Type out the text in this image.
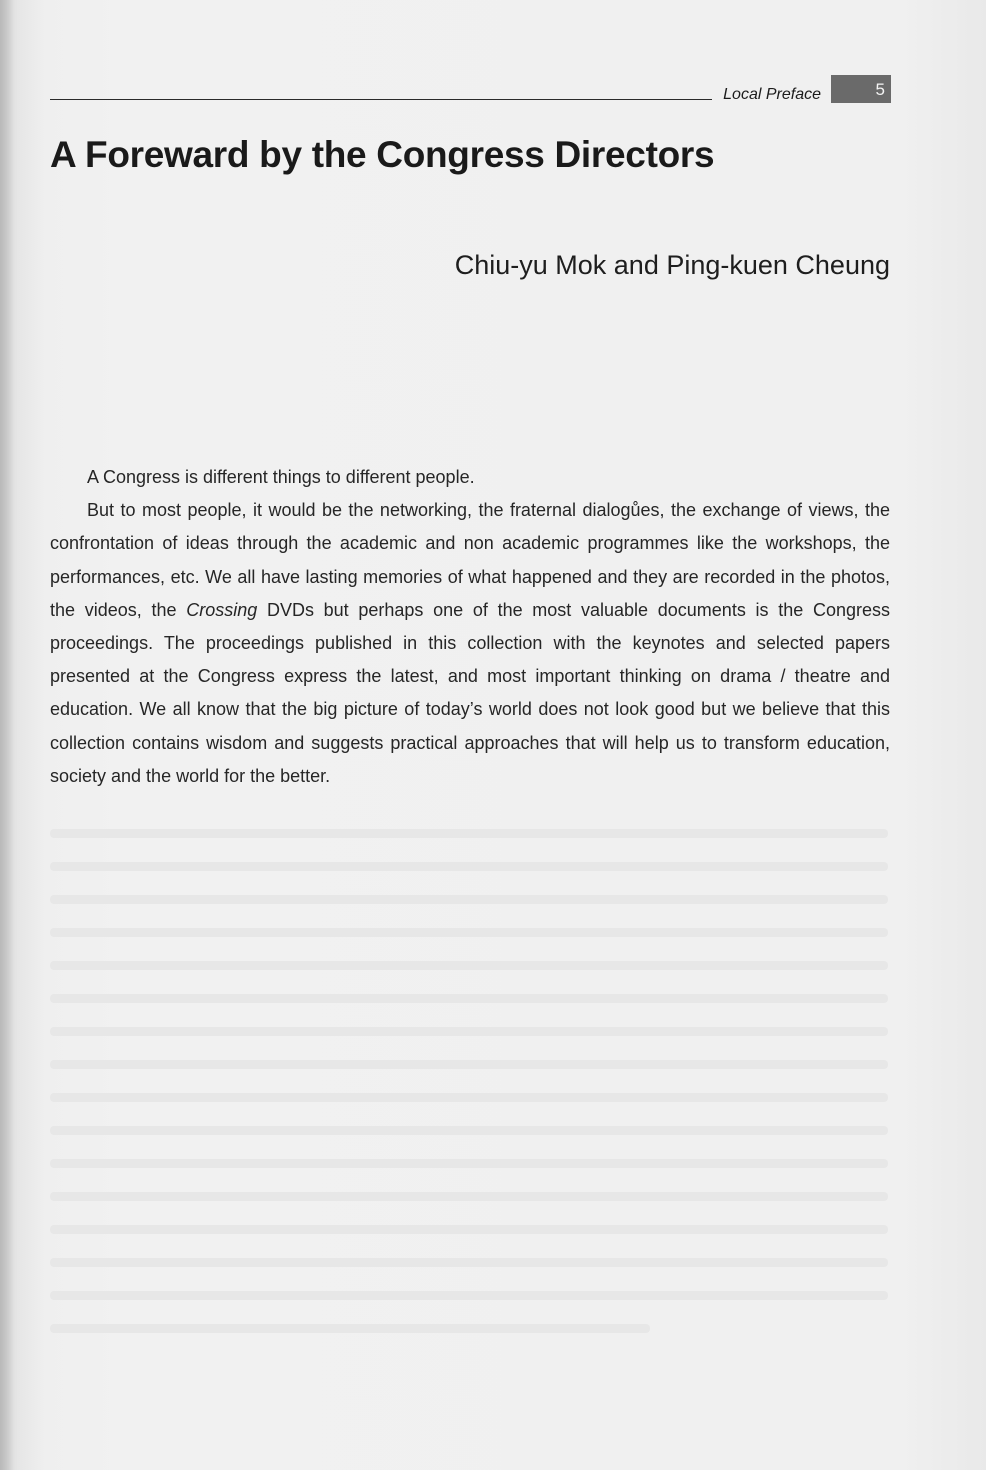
Local Preface	5
A Foreward by the Congress Directors
Chiu-yu Mok and Ping-kuen Cheung

A Congress is different things to different people.

But to most people, it would be the networking, the fraternal dialogůes, the exchange of views, the confrontation of ideas through the academic and non academic programmes like the workshops, the performances, etc. We all have lasting memories of what happened and they are recorded in the photos, the videos, the Crossing DVDs but perhaps one of the most valuable documents is the Congress proceedings. The proceedings published in this collection with the keynotes and selected papers presented at the Congress express the latest, and most important thinking on drama / theatre and education. We all know that the big picture of today’s world does not look good but we believe that this collection contains wisdom and suggests practical approaches that will help us to transform education, society and the world for the better.
